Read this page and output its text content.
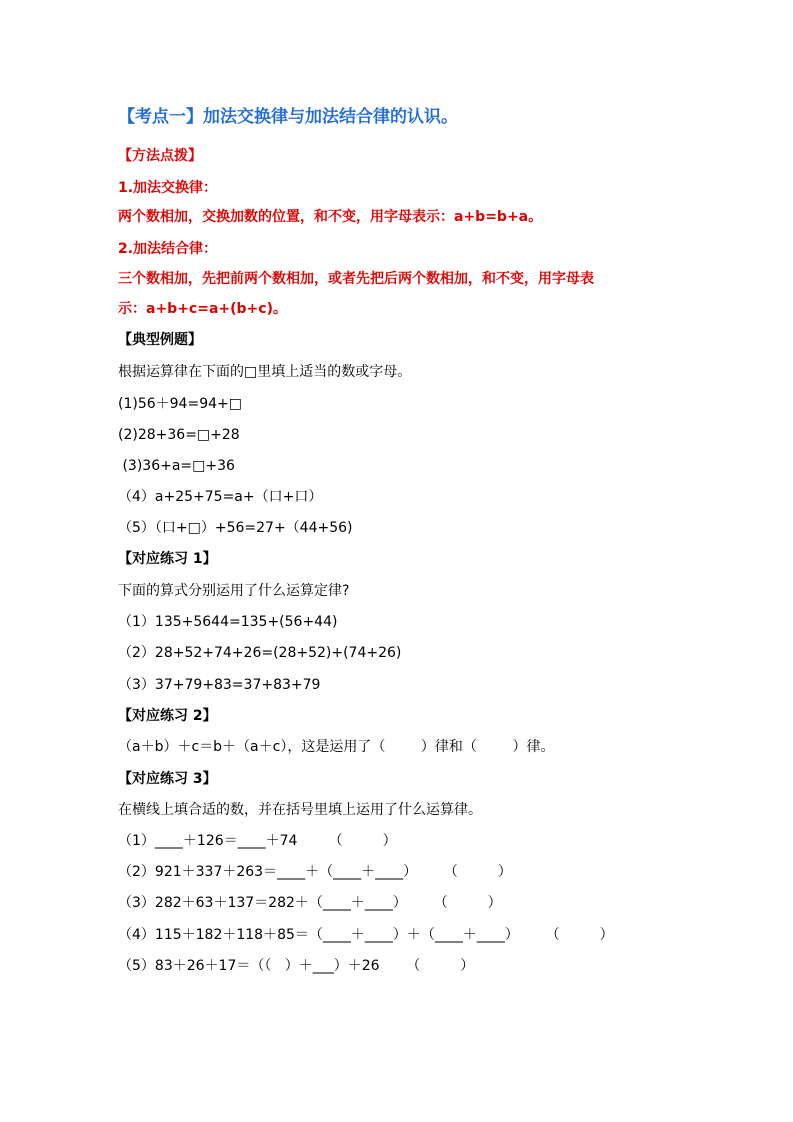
【考点一】加法交换律与加法结合律的认识。
【方法点拨】
1.加法交换律：
两个数相加，交换加数的位置，和不变，用字母表示：a+b=b+a。
2.加法结合律：
三个数相加，先把前两个数相加，或者先把后两个数相加，和不变，用字母表
示：a+b+c=a+(b+c)。
【典型例题】
根据运算律在下面的□里填上适当的数或字母。
(1)56＋94=94+□
(2)28+36=□+28
(3)36+a=□+36
（4）a+25+75=a+（口+口）
（5）（口+□）+56=27+（44+56)
【对应练习 1】
下面的算式分别运用了什么运算定律?
（1）135+5644=135+(56+44)
（2）28+52+74+26=(28+52)+(74+26)
（3）37+79+83=37+83+79
【对应练习 2】
（a＋b）＋c＝b＋（a＋c），这是运用了（        ）律和（        ）律。
【对应练习 3】
在横线上填合适的数，并在括号里填上运用了什么运算律。
（1）____＋126＝____＋74       （         ）
（2）921＋337＋263＝____＋（____＋____）      （         ）
（3）282＋63＋137＝282＋（____＋____）      （         ）
（4）115＋182＋118＋85＝（____＋____）＋（____＋____）      （         ）
（5）83＋26＋17＝（（   ）＋___）＋26      （         ）
